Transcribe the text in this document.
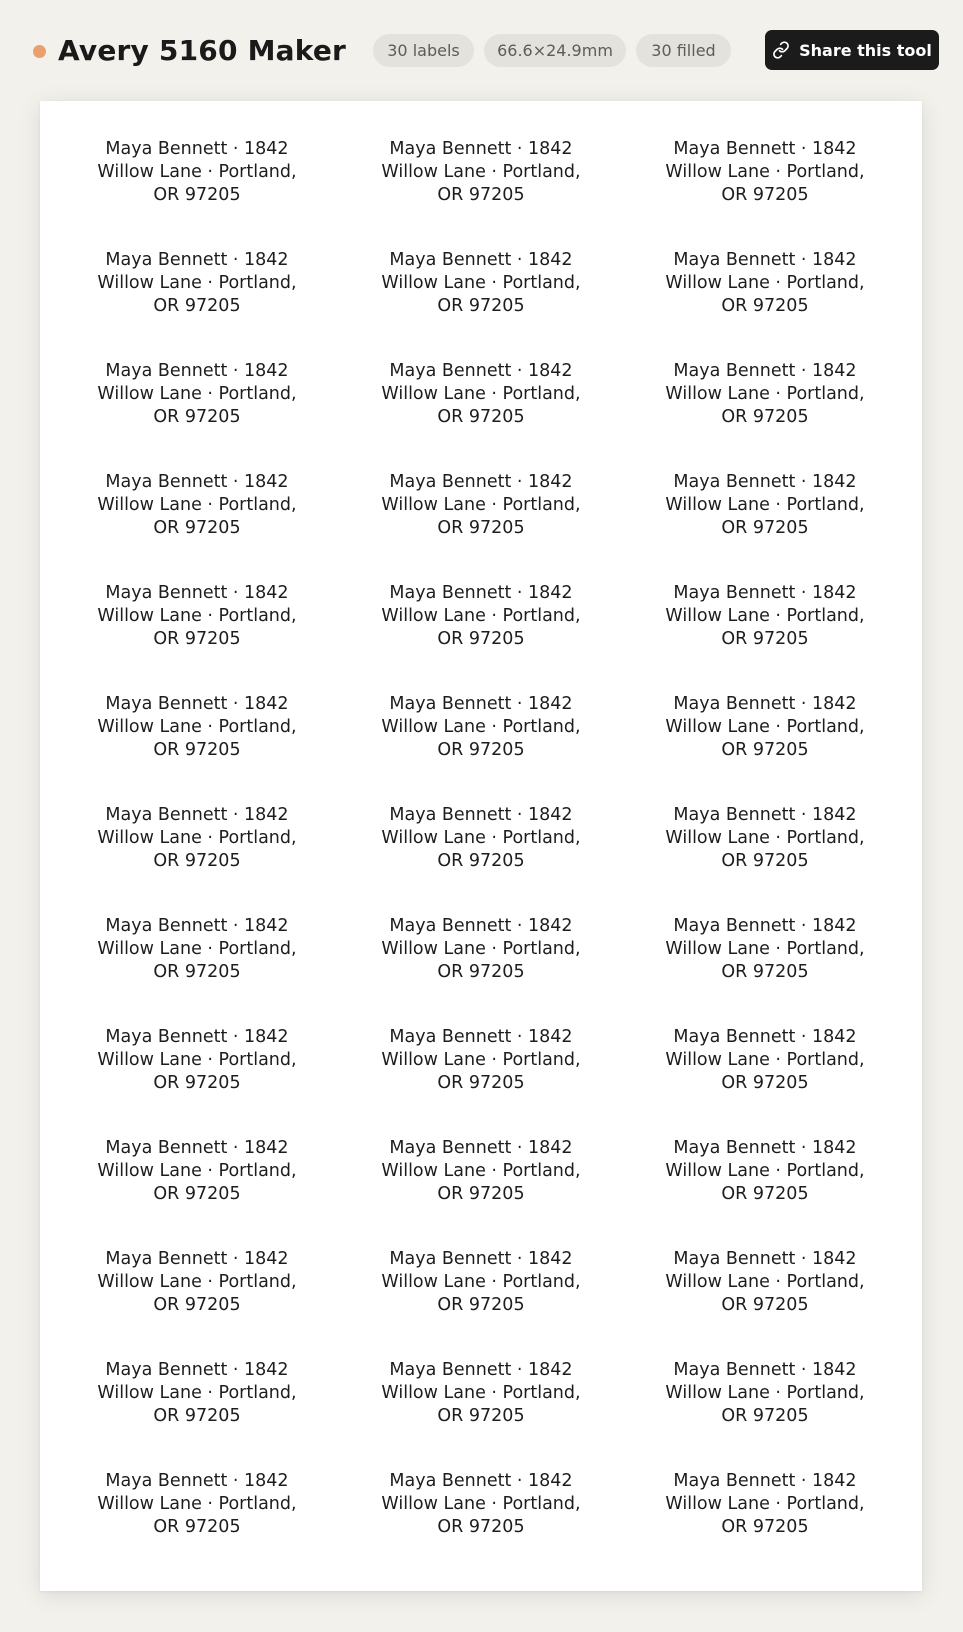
Avery 5160 Maker	30 labels	66.6×24.9mm	30 filled	Share this tool
Maya Bennett · 1842 Willow Lane · Portland, OR 97205
Maya Bennett · 1842 Willow Lane · Portland, OR 97205
Maya Bennett · 1842 Willow Lane · Portland, OR 97205
Maya Bennett · 1842 Willow Lane · Portland, OR 97205
Maya Bennett · 1842 Willow Lane · Portland, OR 97205
Maya Bennett · 1842 Willow Lane · Portland, OR 97205
Maya Bennett · 1842 Willow Lane · Portland, OR 97205
Maya Bennett · 1842 Willow Lane · Portland, OR 97205
Maya Bennett · 1842 Willow Lane · Portland, OR 97205
Maya Bennett · 1842 Willow Lane · Portland, OR 97205
Maya Bennett · 1842 Willow Lane · Portland, OR 97205
Maya Bennett · 1842 Willow Lane · Portland, OR 97205
Maya Bennett · 1842 Willow Lane · Portland, OR 97205
Maya Bennett · 1842 Willow Lane · Portland, OR 97205
Maya Bennett · 1842 Willow Lane · Portland, OR 97205
Maya Bennett · 1842 Willow Lane · Portland, OR 97205
Maya Bennett · 1842 Willow Lane · Portland, OR 97205
Maya Bennett · 1842 Willow Lane · Portland, OR 97205
Maya Bennett · 1842 Willow Lane · Portland, OR 97205
Maya Bennett · 1842 Willow Lane · Portland, OR 97205
Maya Bennett · 1842 Willow Lane · Portland, OR 97205
Maya Bennett · 1842 Willow Lane · Portland, OR 97205
Maya Bennett · 1842 Willow Lane · Portland, OR 97205
Maya Bennett · 1842 Willow Lane · Portland, OR 97205
Maya Bennett · 1842 Willow Lane · Portland, OR 97205
Maya Bennett · 1842 Willow Lane · Portland, OR 97205
Maya Bennett · 1842 Willow Lane · Portland, OR 97205
Maya Bennett · 1842 Willow Lane · Portland, OR 97205
Maya Bennett · 1842 Willow Lane · Portland, OR 97205
Maya Bennett · 1842 Willow Lane · Portland, OR 97205
Maya Bennett · 1842 Willow Lane · Portland, OR 97205
Maya Bennett · 1842 Willow Lane · Portland, OR 97205
Maya Bennett · 1842 Willow Lane · Portland, OR 97205
Maya Bennett · 1842 Willow Lane · Portland, OR 97205
Maya Bennett · 1842 Willow Lane · Portland, OR 97205
Maya Bennett · 1842 Willow Lane · Portland, OR 97205
Maya Bennett · 1842 Willow Lane · Portland, OR 97205
Maya Bennett · 1842 Willow Lane · Portland, OR 97205
Maya Bennett · 1842 Willow Lane · Portland, OR 97205
